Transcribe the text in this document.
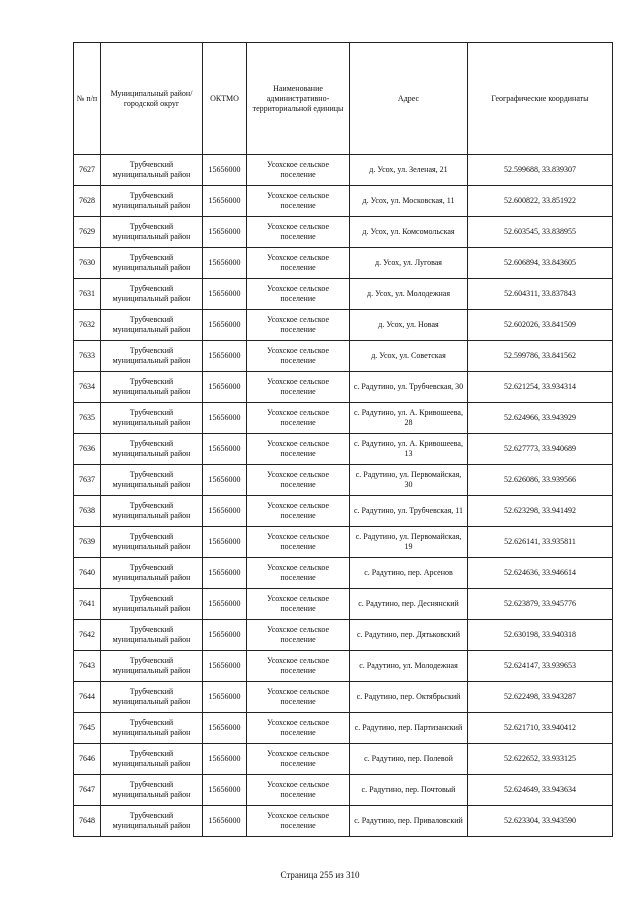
№ п/п	Муниципальный район/городской округ	ОКТМО	Наименование административно-территориальной единицы	Адрес	Географические координаты
7627	Трубчевский муниципальный район	15656000	Усохское сельское поселение	д. Усох, ул. Зеленая, 21	52.599688, 33.839307
7628	Трубчевский муниципальный район	15656000	Усохское сельское поселение	д. Усох, ул. Московская, 11	52.600822, 33.851922
7629	Трубчевский муниципальный район	15656000	Усохское сельское поселение	д. Усох, ул. Комсомольская	52.603545, 33.838955
7630	Трубчевский муниципальный район	15656000	Усохское сельское поселение	д. Усох, ул. Луговая	52.606894, 33.843605
7631	Трубчевский муниципальный район	15656000	Усохское сельское поселение	д. Усох, ул. Молодежная	52.604311, 33.837843
7632	Трубчевский муниципальный район	15656000	Усохское сельское поселение	д. Усох, ул. Новая	52.602026, 33.841509
7633	Трубчевский муниципальный район	15656000	Усохское сельское поселение	д. Усох, ул. Советская	52.599786, 33.841562
7634	Трубчевский муниципальный район	15656000	Усохское сельское поселение	с. Радутино, ул. Трубчевская, 30	52.621254, 33.934314
7635	Трубчевский муниципальный район	15656000	Усохское сельское поселение	с. Радутино, ул. А. Кривошеева, 28	52.624966, 33.943929
7636	Трубчевский муниципальный район	15656000	Усохское сельское поселение	с. Радутино, ул. А. Кривошеева, 13	52.627773, 33.940689
7637	Трубчевский муниципальный район	15656000	Усохское сельское поселение	с. Радутино, ул. Первомайская, 30	52.626086, 33.939566
7638	Трубчевский муниципальный район	15656000	Усохское сельское поселение	с. Радутино, ул. Трубчевская, 11	52.623298, 33.941492
7639	Трубчевский муниципальный район	15656000	Усохское сельское поселение	с. Радутино, ул. Первомайская, 19	52.626141, 33.935811
7640	Трубчевский муниципальный район	15656000	Усохское сельское поселение	с. Радутино, пер. Арсенов	52.624636, 33.946614
7641	Трубчевский муниципальный район	15656000	Усохское сельское поселение	с. Радутино, пер. Деснянский	52.623879, 33.945776
7642	Трубчевский муниципальный район	15656000	Усохское сельское поселение	с. Радутино, пер. Дятьковский	52.630198, 33.940318
7643	Трубчевский муниципальный район	15656000	Усохское сельское поселение	с. Радутино, ул. Молодежная	52.624147, 33.939653
7644	Трубчевский муниципальный район	15656000	Усохское сельское поселение	с. Радутино, пер. Октябрьский	52.622498, 33.943287
7645	Трубчевский муниципальный район	15656000	Усохское сельское поселение	с. Радутино, пер. Партизанский	52.621710, 33.940412
7646	Трубчевский муниципальный район	15656000	Усохское сельское поселение	с. Радутино, пер. Полевой	52.622652, 33.933125
7647	Трубчевский муниципальный район	15656000	Усохское сельское поселение	с. Радутино, пер. Почтовый	52.624649, 33.943634
7648	Трубчевский муниципальный район	15656000	Усохское сельское поселение	с. Радутино, пер. Приваловский	52.623304, 33.943590
Страница 255 из 310
